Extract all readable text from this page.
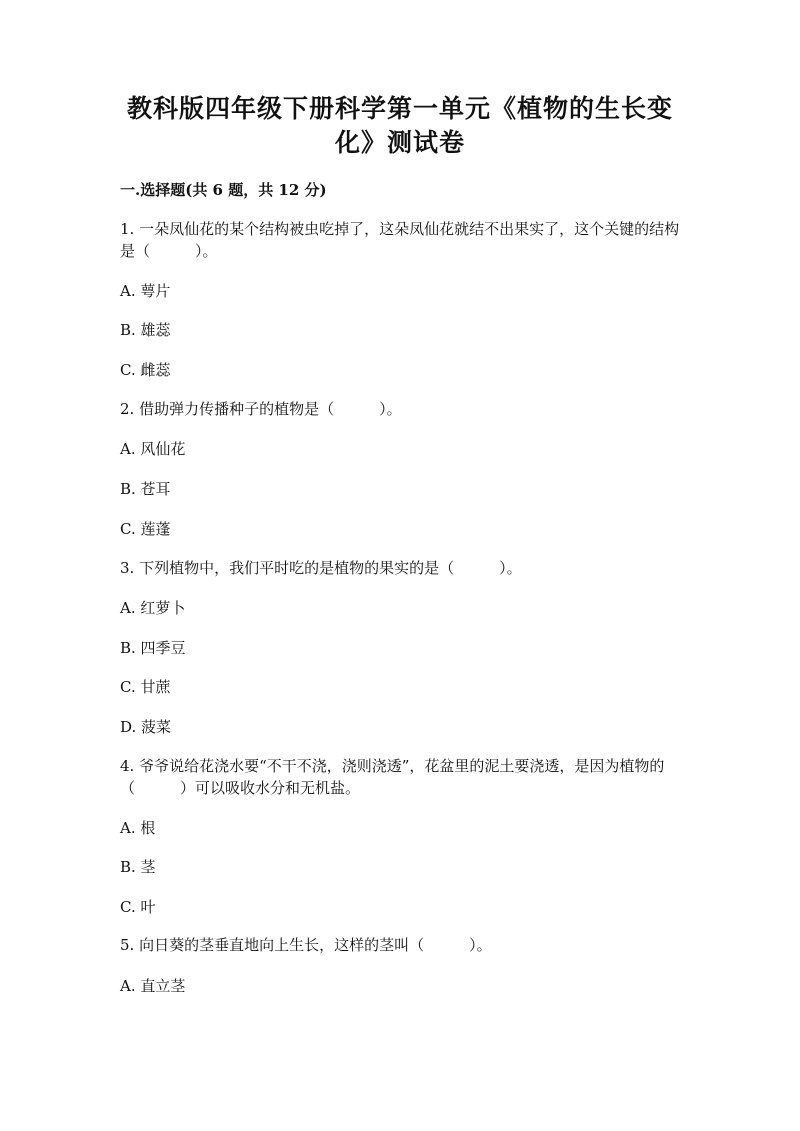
教科版四年级下册科学第一单元《植物的生长变
化》测试卷
一.选择题(共 6 题，共 12 分)
1. 一朵凤仙花的某个结构被虫吃掉了，这朵凤仙花就结不出果实了，这个关键的结构是（　　　）。
A. 萼片
B. 雄蕊
C. 雌蕊
2. 借助弹力传播种子的植物是（　　　）。
A. 风仙花
B. 苍耳
C. 莲蓬
3. 下列植物中，我们平时吃的是植物的果实的是（　　　）。
A. 红萝卜
B. 四季豆
C. 甘蔗
D. 菠菜
4. 爷爷说给花浇水要“不干不浇，浇则浇透”，花盆里的泥土要浇透，是因为植物的（　　　）可以吸收水分和无机盐。
A. 根
B. 茎
C. 叶
5. 向日葵的茎垂直地向上生长，这样的茎叫（　　　）。
A. 直立茎
